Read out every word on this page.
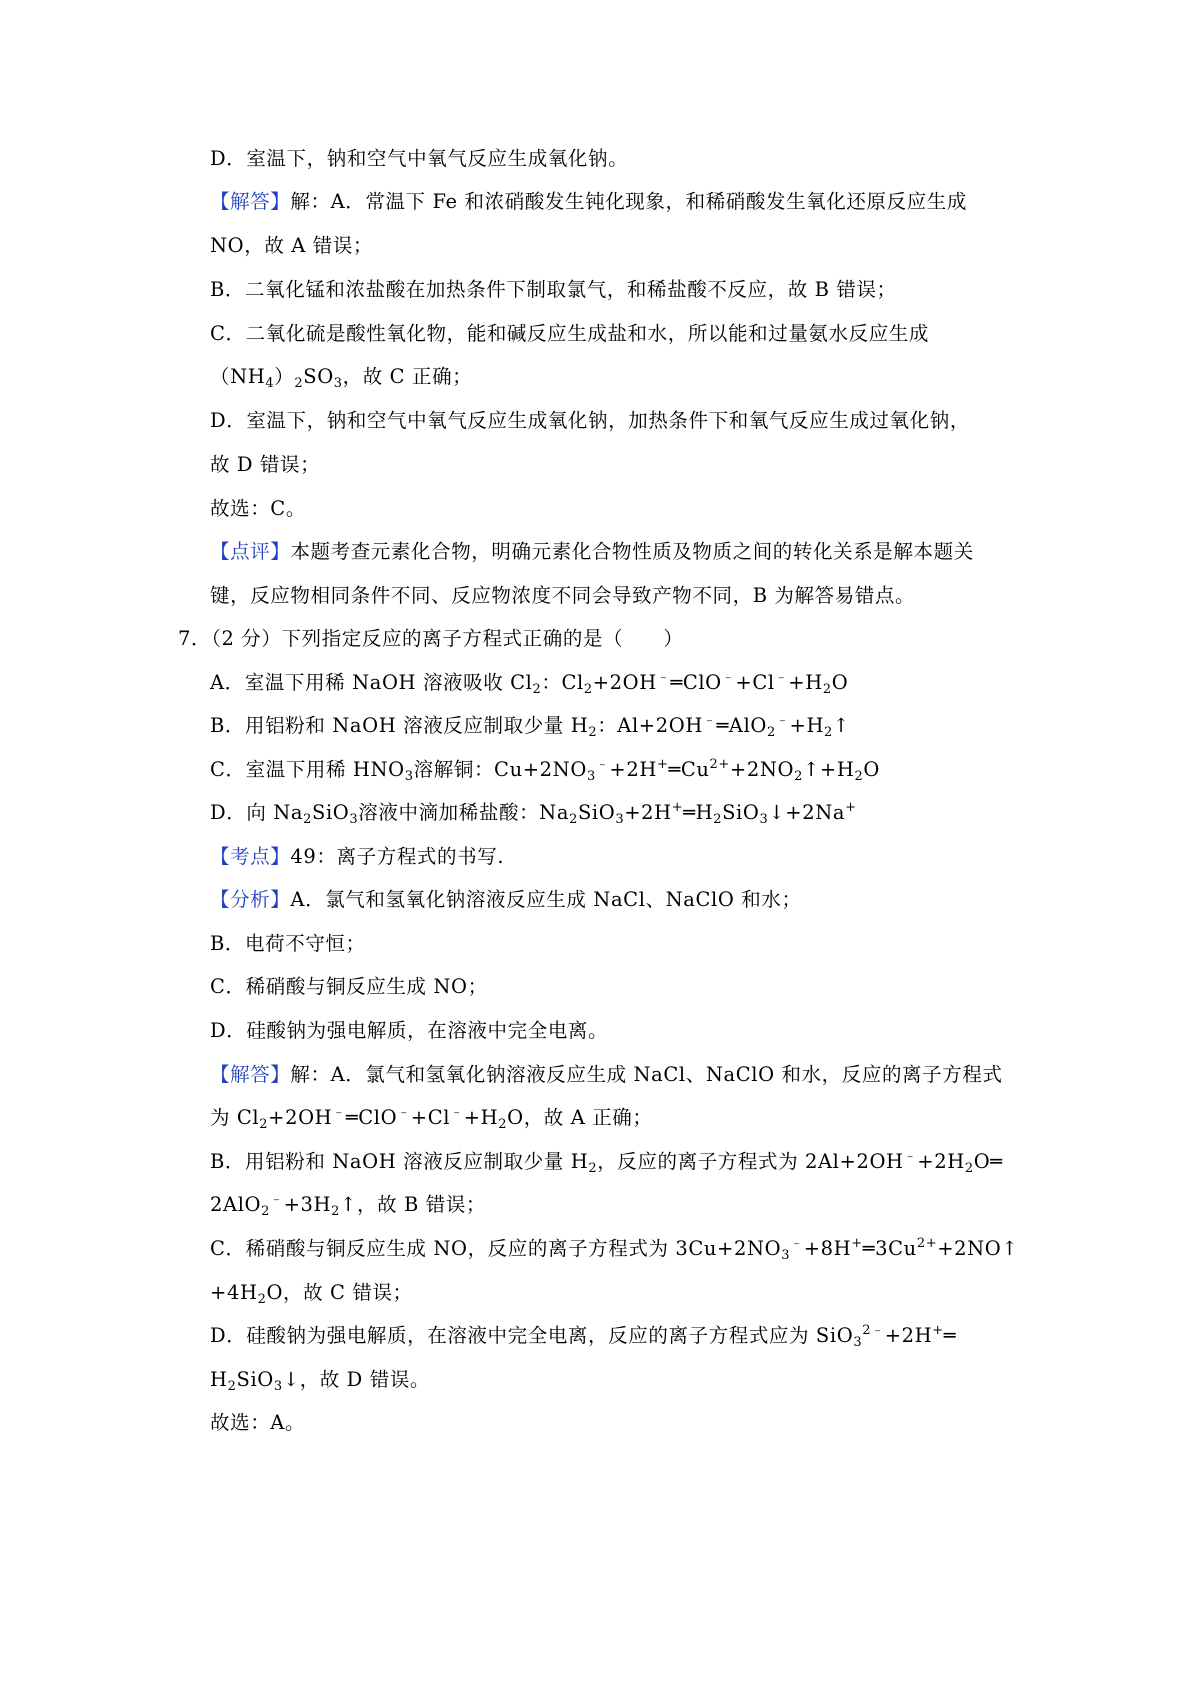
D．室温下，钠和空气中氧气反应生成氧化钠。
【解答】解：A．常温下 Fe 和浓硝酸发生钝化现象，和稀硝酸发生氧化还原反应生成
NO，故 A 错误；
B．二氧化锰和浓盐酸在加热条件下制取氯气，和稀盐酸不反应，故 B 错误；
C．二氧化硫是酸性氧化物，能和碱反应生成盐和水，所以能和过量氨水反应生成
$(NH_4)_2SO_3$，故 C 正确；
D．室温下，钠和空气中氧气反应生成氧化钠，加热条件下和氧气反应生成过氧化钠，
故 D 错误；
故选：C。
【点评】本题考查元素化合物，明确元素化合物性质及物质之间的转化关系是解本题关
键，反应物相同条件不同、反应物浓度不同会导致产物不同，B 为解答易错点。
7．（2 分）下列指定反应的离子方程式正确的是（　　）
A．室温下用稀 NaOH 溶液吸收 $Cl_2$：$Cl_2+2OH^﹣═ClO^﹣+Cl^﹣+H_2O$
B．用铝粉和 NaOH 溶液反应制取少量 $H_2$：$Al+2OH^﹣═AlO_2^﹣+H_2↑$
C．室温下用稀 $HNO_3$溶解铜：$Cu+2NO_3^﹣+2H^+═Cu^{2+}+2NO_2↑+H_2O$
D．向 $Na_2SiO_3$溶液中滴加稀盐酸：$Na_2SiO_3+2H^+═H_2SiO_3↓+2Na^+$
【考点】49：离子方程式的书写.
【分析】A．氯气和氢氧化钠溶液反应生成 NaCl、NaClO 和水；
B．电荷不守恒；
C．稀硝酸与铜反应生成 NO；
D．硅酸钠为强电解质，在溶液中完全电离。
【解答】解：A．氯气和氢氧化钠溶液反应生成 NaCl、NaClO 和水，反应的离子方程式
为 $Cl_2+2OH^﹣═ClO^﹣+Cl^﹣+H_2O$，故 A 正确；
B．用铝粉和 NaOH 溶液反应制取少量 $H_2$，反应的离子方程式为 $2Al+2OH^﹣+2H_2O═$
$2AlO_2^﹣+3H_2↑$，故 B 错误；
C．稀硝酸与铜反应生成 NO，反应的离子方程式为 $3Cu+2NO_3^﹣+8H^+═3Cu^{2+}+2NO↑$
$+4H_2O$，故 C 错误；
D．硅酸钠为强电解质，在溶液中完全电离，反应的离子方程式应为 SiO$_3^{2﹣}$+2H+═
$H_2SiO_3↓$，故 D 错误。
故选：A。
